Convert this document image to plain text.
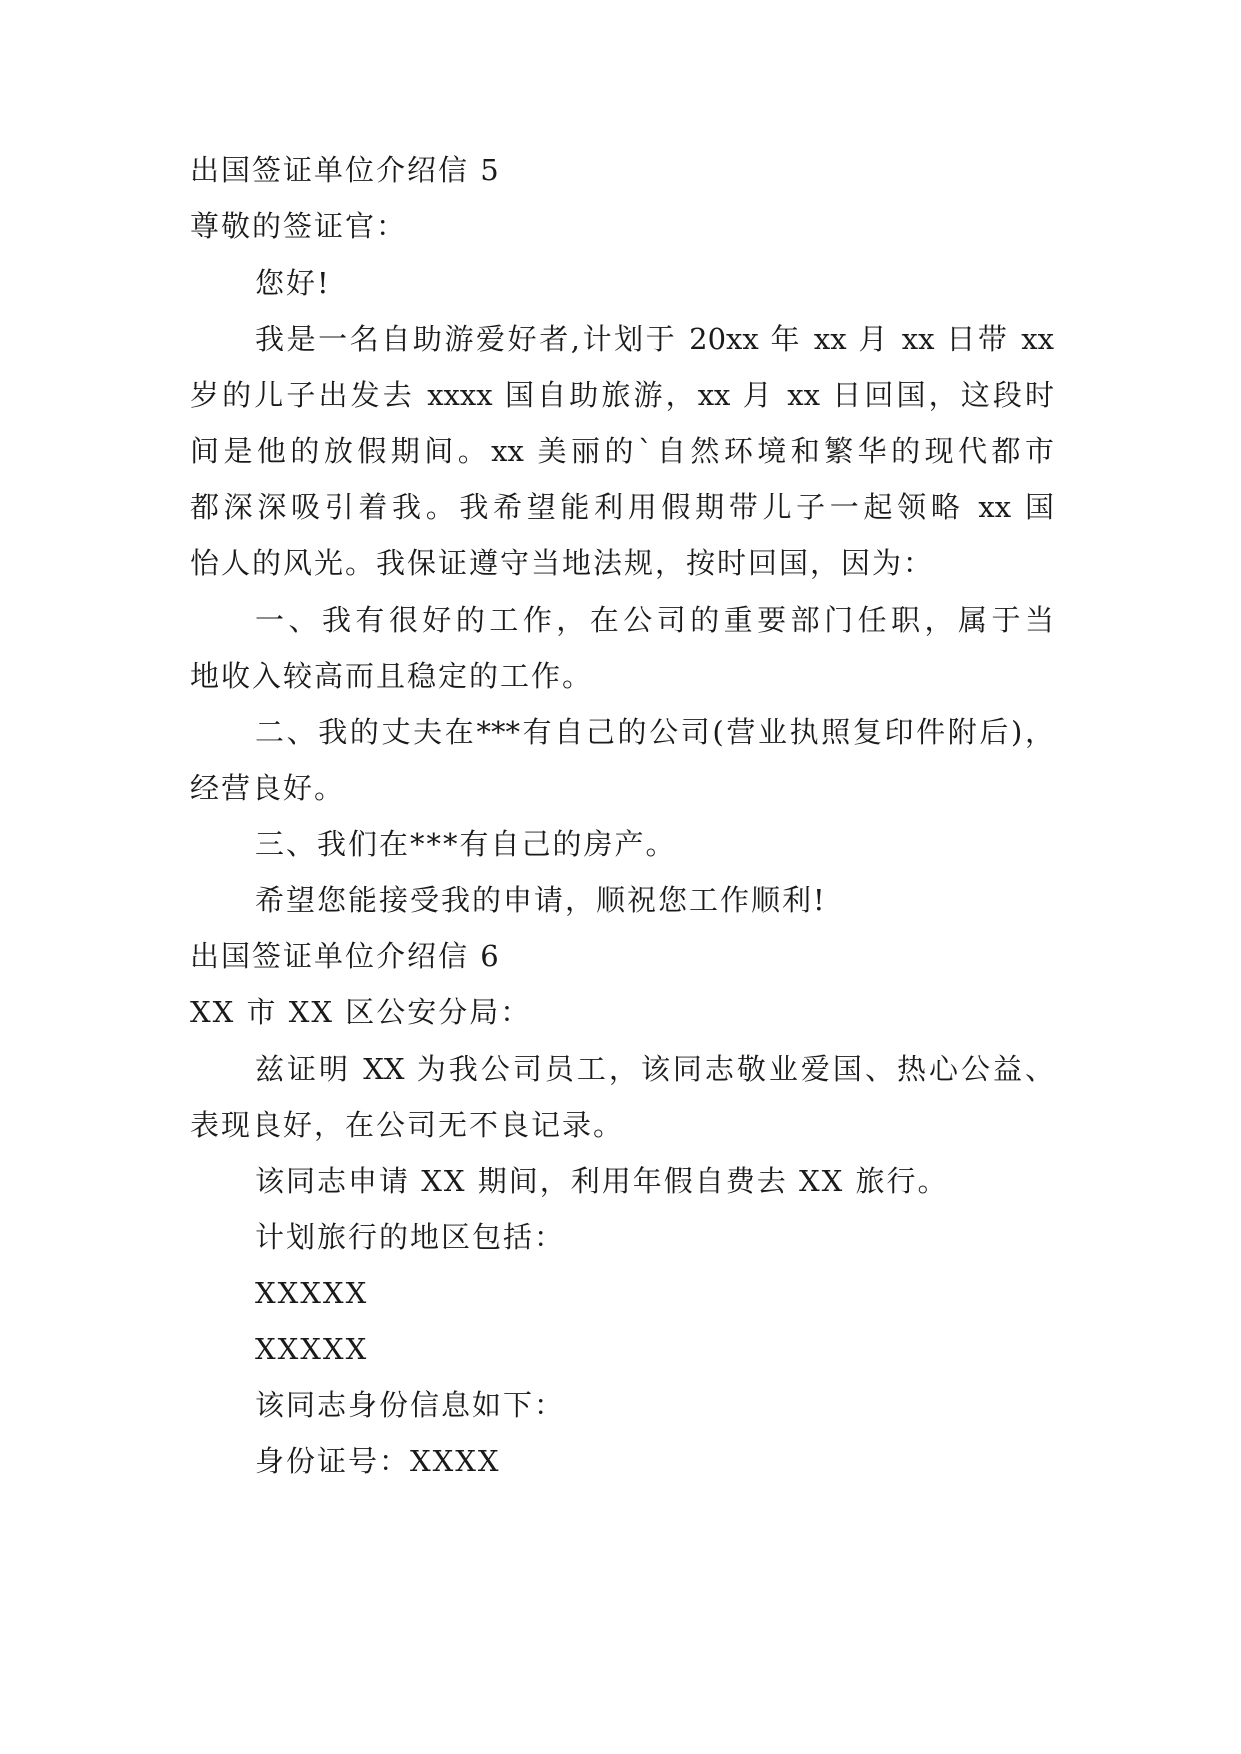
出国签证单位介绍信 5
尊敬的签证官：
您好!
我是一名自助游爱好者,计划于 20xx 年 xx 月 xx 日带 xx
岁的儿子出发去 xxxx 国自助旅游，xx 月 xx 日回国，这段时
间是他的放假期间。xx 美丽的`自然环境和繁华的现代都市
都深深吸引着我。我希望能利用假期带儿子一起领略 xx 国
怡人的风光。我保证遵守当地法规，按时回国，因为：
一、我有很好的工作，在公司的重要部门任职，属于当
地收入较高而且稳定的工作。
二、我的丈夫在***有自己的公司(营业执照复印件附后)，
经营良好。
三、我们在***有自己的房产。
希望您能接受我的申请，顺祝您工作顺利!
出国签证单位介绍信 6
XX 市 XX 区公安分局：
兹证明 XX 为我公司员工，该同志敬业爱国、热心公益、
表现良好，在公司无不良记录。
该同志申请 XX 期间，利用年假自费去 XX 旅行。
计划旅行的地区包括：
XXXXX
XXXXX
该同志身份信息如下：
身份证号：XXXX
